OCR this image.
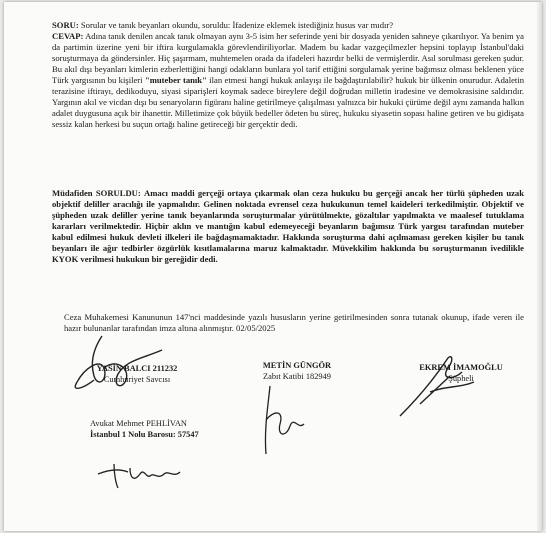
SORU: Sorular ve tanık beyanları okundu, soruldu: İfadenize eklemek istediğiniz husus var mıdır?
CEVAP: Adına tanık denilen ancak tanık olmayan aynı 3-5 isim her seferinde yeni bir dosyada yeniden sahneye çıkarılıyor. Ya benim ya da partimin üzerine yeni bir iftira kurgulamakla görevlendiriliyorlar. Madem bu kadar vazgeçilmezler hepsini toplayıp İstanbul'daki soruşturmaya da göndersinler. Hiç şaşırmam, muhtemelen orada da ifadeleri hazırdır belki de vermişlerdir. Asıl sorulması gereken şudur. Bu akıl dışı beyanları kimlerin ezberlettiğini hangi odakların bunlara yol tarif ettiğini sorgulamak yerine bağımsız olması beklenen yüce Türk yargısının bu kişileri "muteber tanık" ilan etmesi hangi hukuk anlayışı ile bağdaştırılabilir? hukuk bir ülkenin onurudur. Adaletin terazisine iftirayı, dedikoduyu, siyasi siparişleri koymak sadece bireylere değil doğrudan milletin iradesine ve demokrasisine saldırıdır. Yargının akıl ve vicdan dışı bu senaryoların figüranı haline getirilmeye çalışılması yalnızca bir hukuki çürüme değil aynı zamanda halkın adalet duygusuna açık bir ihanettir. Milletimize çok büyük bedeller ödeten bu süreç, hukuku siyasetin sopası haline getiren ve bu gidişata sessiz kalan herkesi bu suçun ortağı haline getireceği bir gerçektir dedi.
Müdafiden SORULDU: Amacı maddi gerçeği ortaya çıkarmak olan ceza hukuku bu gerçeği ancak her türlü şüpheden uzak objektif deliller aracılığı ile yapmalıdır. Gelinen noktada evrensel ceza hukukunun temel kaideleri terkedilmiştir. Objektif ve şüpheden uzak deliller yerine tanık beyanlarında soruşturmalar yürütülmekte, gözaltılar yapılmakta ve maalesef tutuklama kararları verilmektedir. Hiçbir aklın ve mantığın kabul edemeyeceği beyanların bağımsız Türk yargısı tarafından muteber kabul edilmesi hukuk devleti ilkeleri ile bağdaşmamaktadır. Hakkında soruşturma dahi açılmaması gereken kişiler bu tanık beyanları ile ağır tedbirler özgürlük kısıtlamalarına maruz kalmaktadır. Müvekkilim hakkında bu soruşturmanın ivedilikle KYOK verilmesi hukukun bir gereğidir dedi.
Ceza Muhakemesi Kanununun 147'nci maddesinde yazılı hususların yerine getirilmesinden sonra tutanak okunup, ifade veren ile hazır bulunanlar tarafından imza altına alınmıştır. 02/05/2025
YASİN BALCI 211232
Cumhuriyet Savcısı
METİN GÜNGÖR
Zabıt Katibi 182949
EKREM İMAMOĞLU
Şüpheli
Avukat Mehmet PEHLİVAN
İstanbul 1 Nolu Barosu: 57547
